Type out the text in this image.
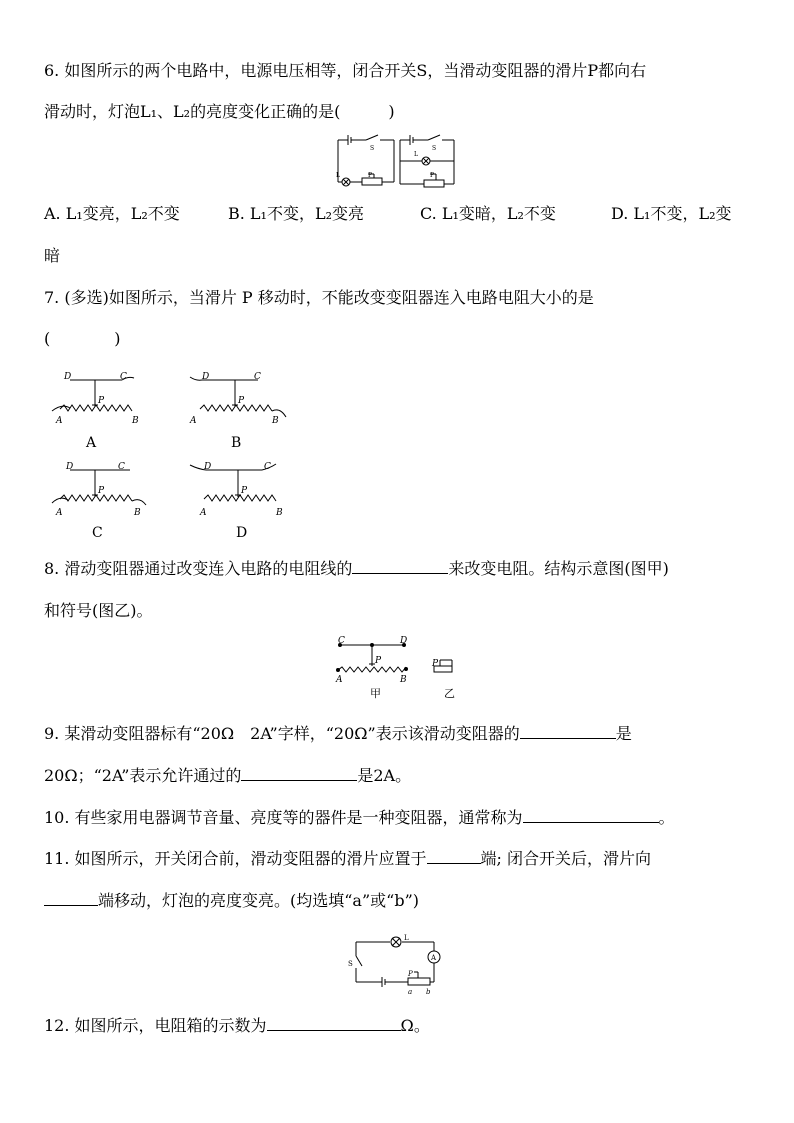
6. 如图所示的两个电路中，电源电压相等，闭合开关S，当滑动变阻器的滑片P都向右
滑动时，灯泡L₁、L₂的亮度变化正确的是(　　　)
S
L	P
S
L
P
A. L₁变亮，L₂不变	B. L₁不变，L₂变亮	C. L₁变暗，L₂不变	D. L₁不变，L₂变
暗
7. (多选)如图所示，当滑片 P 移动时，不能改变变阻器连入电路电阻大小的是
(　　　　)
D	C
P
A	B
D	C
P
A	B
D	C
P
A	B
D	C
P
A	B
A	B
C	D
8. 滑动变阻器通过改变连入电路的电阻线的	来改变电阻。结构示意图(图甲)
和符号(图乙)。
C	D
P
A	B
P
甲	乙
9. 某滑动变阻器标有“20Ω　2A”字样，“20Ω”表示该滑动变阻器的	是
20Ω；“2A”表示允许通过的	是2A。
10. 有些家用电器调节音量、亮度等的器件是一种变阻器，通常称为	。
11. 如图所示，开关闭合前，滑动变阻器的滑片应置于	端; 闭合开关后，滑片向
端移动，灯泡的亮度变亮。(均选填“a”或“b”)
L
A
S
P
a b
12. 如图所示，电阻箱的示数为	Ω。
